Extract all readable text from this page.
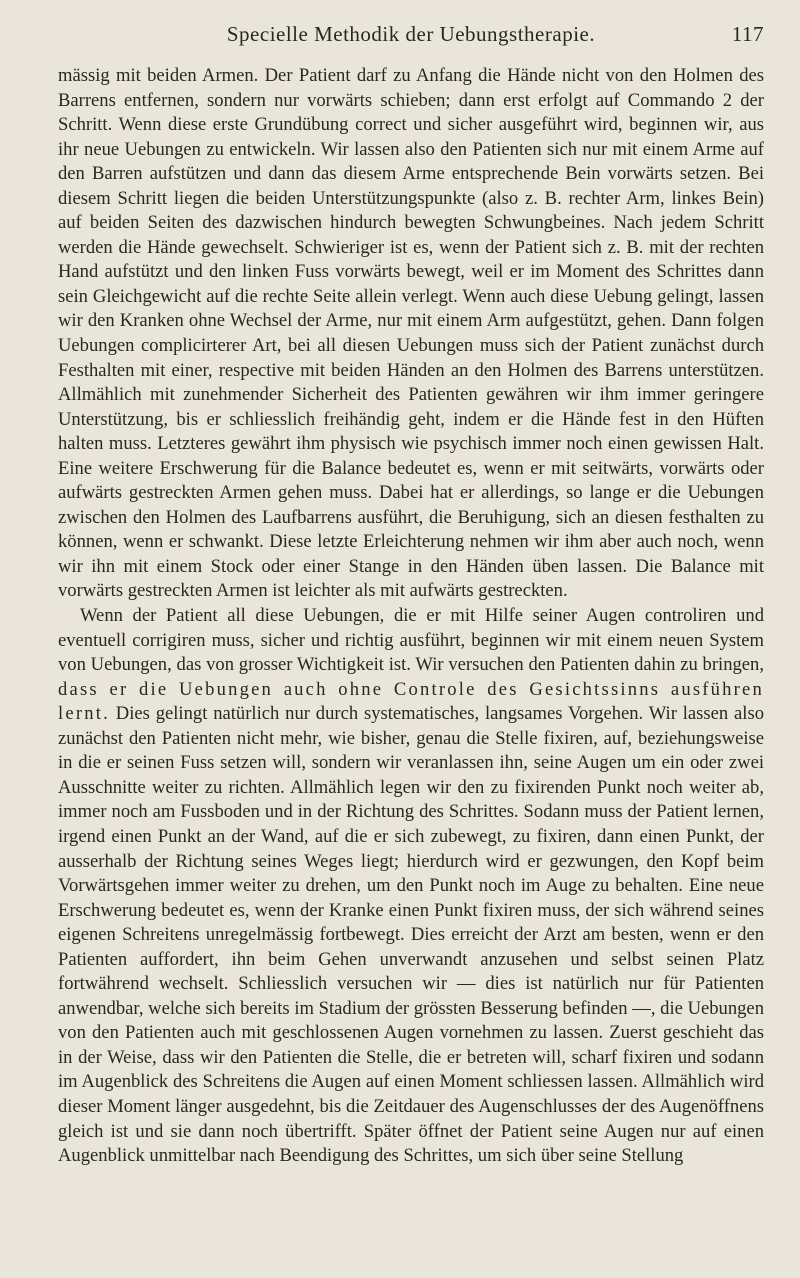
Specielle Methodik der Uebungstherapie.	117

mässig mit beiden Armen. Der Patient darf zu Anfang die Hände nicht von den Holmen des Barrens entfernen, sondern nur vorwärts schieben; dann erst erfolgt auf Commando 2 der Schritt. Wenn diese erste Grundübung correct und sicher ausgeführt wird, beginnen wir, aus ihr neue Uebungen zu entwickeln. Wir lassen also den Patienten sich nur mit einem Arme auf den Barren aufstützen und dann das diesem Arme entsprechende Bein vorwärts setzen. Bei diesem Schritt liegen die beiden Unterstützungspunkte (also z. B. rechter Arm, linkes Bein) auf beiden Seiten des dazwischen hindurch bewegten Schwungbeines. Nach jedem Schritt werden die Hände gewechselt. Schwieriger ist es, wenn der Patient sich z. B. mit der rechten Hand aufstützt und den linken Fuss vorwärts bewegt, weil er im Moment des Schrittes dann sein Gleichgewicht auf die rechte Seite allein verlegt. Wenn auch diese Uebung gelingt, lassen wir den Kranken ohne Wechsel der Arme, nur mit einem Arm aufgestützt, gehen. Dann folgen Uebungen complicirterer Art, bei all diesen Uebungen muss sich der Patient zunächst durch Festhalten mit einer, respective mit beiden Händen an den Holmen des Barrens unterstützen. Allmählich mit zunehmender Sicherheit des Patienten gewähren wir ihm immer geringere Unterstützung, bis er schliesslich freihändig geht, indem er die Hände fest in den Hüften halten muss. Letzteres gewährt ihm physisch wie psychisch immer noch einen gewissen Halt. Eine weitere Erschwerung für die Balance bedeutet es, wenn er mit seitwärts, vorwärts oder aufwärts gestreckten Armen gehen muss. Dabei hat er allerdings, so lange er die Uebungen zwischen den Holmen des Laufbarrens ausführt, die Beruhigung, sich an diesen festhalten zu können, wenn er schwankt. Diese letzte Erleichterung nehmen wir ihm aber auch noch, wenn wir ihn mit einem Stock oder einer Stange in den Händen üben lassen. Die Balance mit vorwärts gestreckten Armen ist leichter als mit aufwärts gestreckten.

Wenn der Patient all diese Uebungen, die er mit Hilfe seiner Augen controliren und eventuell corrigiren muss, sicher und richtig ausführt, beginnen wir mit einem neuen System von Uebungen, das von grosser Wichtigkeit ist. Wir versuchen den Patienten dahin zu bringen, dass er die Uebungen auch ohne Controle des Gesichtssinns ausführen lernt. Dies gelingt natürlich nur durch systematisches, langsames Vorgehen. Wir lassen also zunächst den Patienten nicht mehr, wie bisher, genau die Stelle fixiren, auf, beziehungsweise in die er seinen Fuss setzen will, sondern wir veranlassen ihn, seine Augen um ein oder zwei Ausschnitte weiter zu richten. Allmählich legen wir den zu fixirenden Punkt noch weiter ab, immer noch am Fussboden und in der Richtung des Schrittes. Sodann muss der Patient lernen, irgend einen Punkt an der Wand, auf die er sich zubewegt, zu fixiren, dann einen Punkt, der ausserhalb der Richtung seines Weges liegt; hierdurch wird er gezwungen, den Kopf beim Vorwärtsgehen immer weiter zu drehen, um den Punkt noch im Auge zu behalten. Eine neue Erschwerung bedeutet es, wenn der Kranke einen Punkt fixiren muss, der sich während seines eigenen Schreitens unregelmässig fortbewegt. Dies erreicht der Arzt am besten, wenn er den Patienten auffordert, ihn beim Gehen unverwandt anzusehen und selbst seinen Platz fortwährend wechselt. Schliesslich versuchen wir — dies ist natürlich nur für Patienten anwendbar, welche sich bereits im Stadium der grössten Besserung befinden —, die Uebungen von den Patienten auch mit geschlossenen Augen vornehmen zu lassen. Zuerst geschieht das in der Weise, dass wir den Patienten die Stelle, die er betreten will, scharf fixiren und sodann im Augenblick des Schreitens die Augen auf einen Moment schliessen lassen. Allmählich wird dieser Moment länger ausgedehnt, bis die Zeitdauer des Augenschlusses der des Augenöffnens gleich ist und sie dann noch übertrifft. Später öffnet der Patient seine Augen nur auf einen Augenblick unmittelbar nach Beendigung des Schrittes, um sich über seine Stellung
